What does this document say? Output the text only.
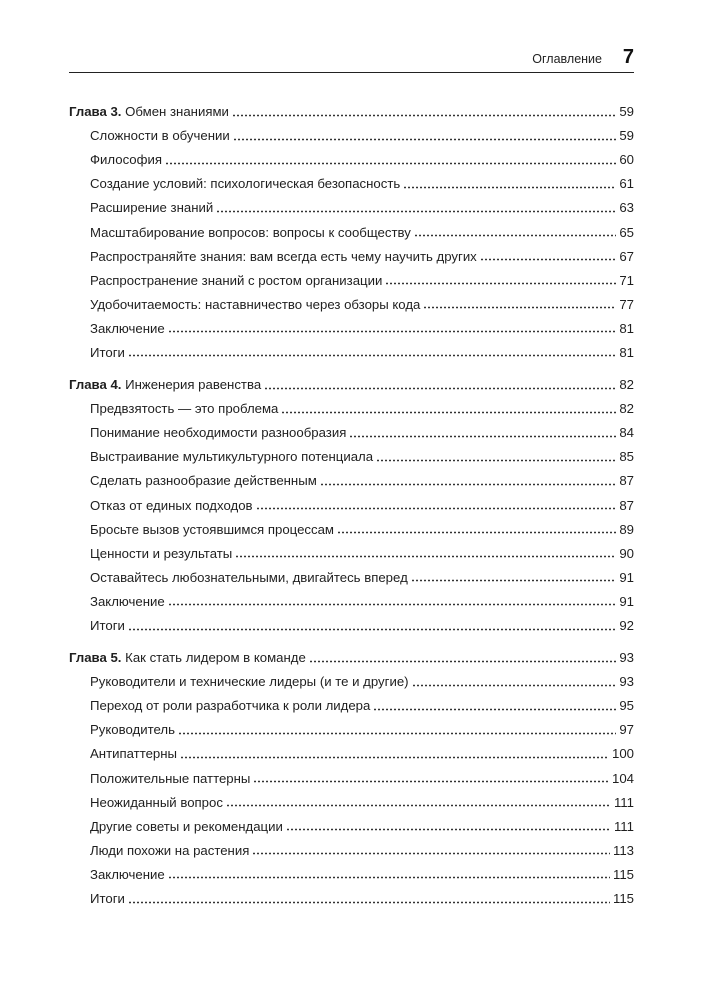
Оглавление 7
Глава 3. Обмен знаниями	59
Сложности в обучении	59
Философия	60
Создание условий: психологическая безопасность	61
Расширение знаний	63
Масштабирование вопросов: вопросы к сообществу	65
Распространяйте знания: вам всегда есть чему научить других	67
Распространение знаний с ростом организации	71
Удобочитаемость: наставничество через обзоры кода	77
Заключение	81
Итоги	81
Глава 4. Инженерия равенства	82
Предвзятость — это проблема	82
Понимание необходимости разнообразия	84
Выстраивание мультикультурного потенциала	85
Сделать разнообразие действенным	87
Отказ от единых подходов	87
Бросьте вызов устоявшимся процессам	89
Ценности и результаты	90
Оставайтесь любознательными, двигайтесь вперед	91
Заключение	91
Итоги	92
Глава 5. Как стать лидером в команде	93
Руководители и технические лидеры (и те и другие)	93
Переход от роли разработчика к роли лидера	95
Руководитель	97
Антипаттерны	100
Положительные паттерны	104
Неожиданный вопрос	111
Другие советы и рекомендации	111
Люди похожи на растения	113
Заключение	115
Итоги	115
